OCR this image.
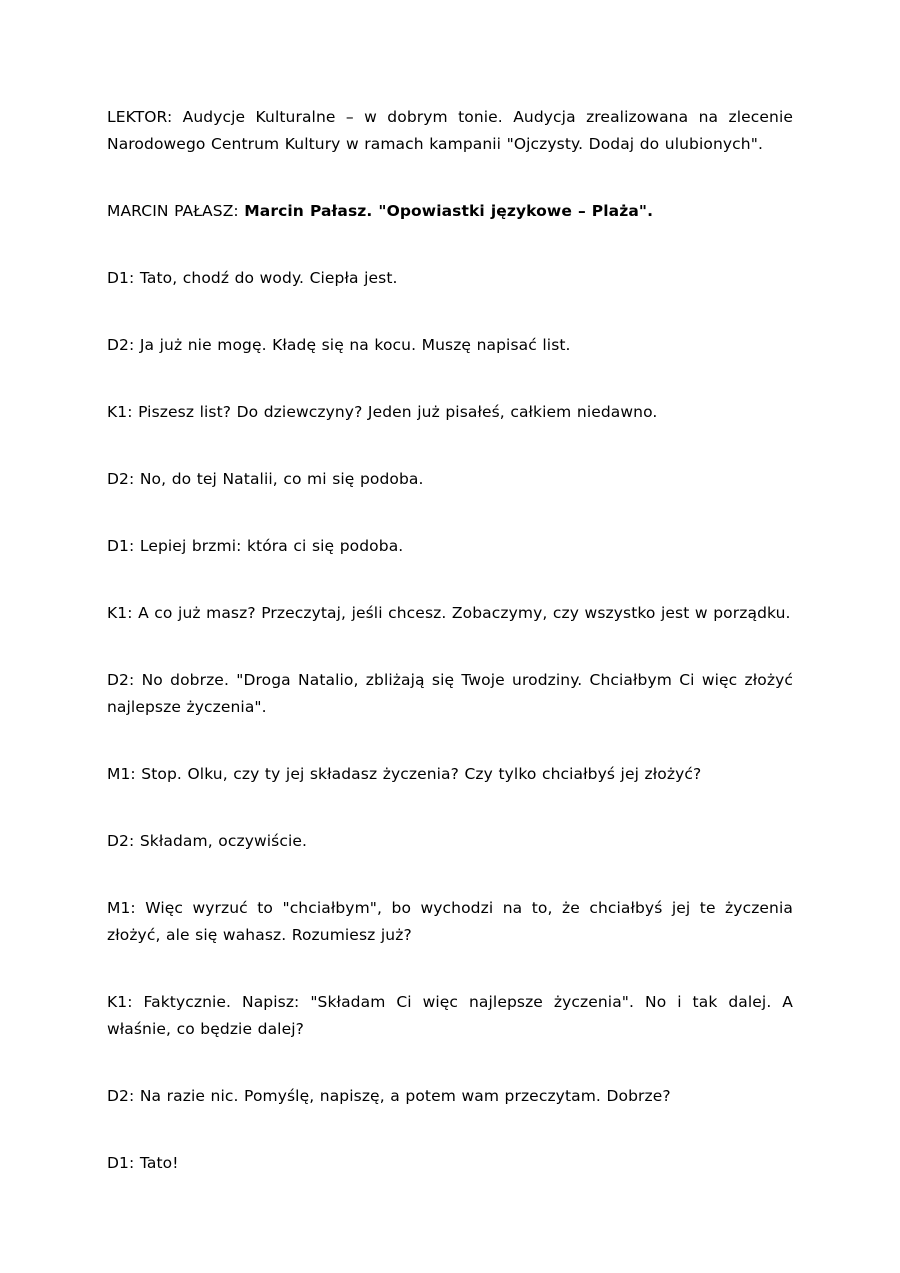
LEKTOR: Audycje Kulturalne – w dobrym tonie. Audycja zrealizowana na zlecenie Narodowego Centrum Kultury w ramach kampanii "Ojczysty. Dodaj do ulubionych".

MARCIN PAŁASZ: Marcin Pałasz. "Opowiastki językowe – Plaża".

D1: Tato, chodź do wody. Ciepła jest.

D2: Ja już nie mogę. Kładę się na kocu. Muszę napisać list.

K1: Piszesz list? Do dziewczyny? Jeden już pisałeś, całkiem niedawno.

D2: No, do tej Natalii, co mi się podoba.

D1: Lepiej brzmi: która ci się podoba.

K1: A co już masz? Przeczytaj, jeśli chcesz. Zobaczymy, czy wszystko jest w porządku.

D2: No dobrze. "Droga Natalio, zbliżają się Twoje urodziny. Chciałbym Ci więc złożyć najlepsze życzenia".

M1: Stop. Olku, czy ty jej składasz życzenia? Czy tylko chciałbyś jej złożyć?

D2: Składam, oczywiście.

M1: Więc wyrzuć to "chciałbym", bo wychodzi na to, że chciałbyś jej te życzenia złożyć, ale się wahasz. Rozumiesz już?

K1: Faktycznie. Napisz: "Składam Ci więc najlepsze życzenia". No i tak dalej. A właśnie, co będzie dalej?

D2: Na razie nic. Pomyślę, napiszę, a potem wam przeczytam. Dobrze?

D1: Tato!
